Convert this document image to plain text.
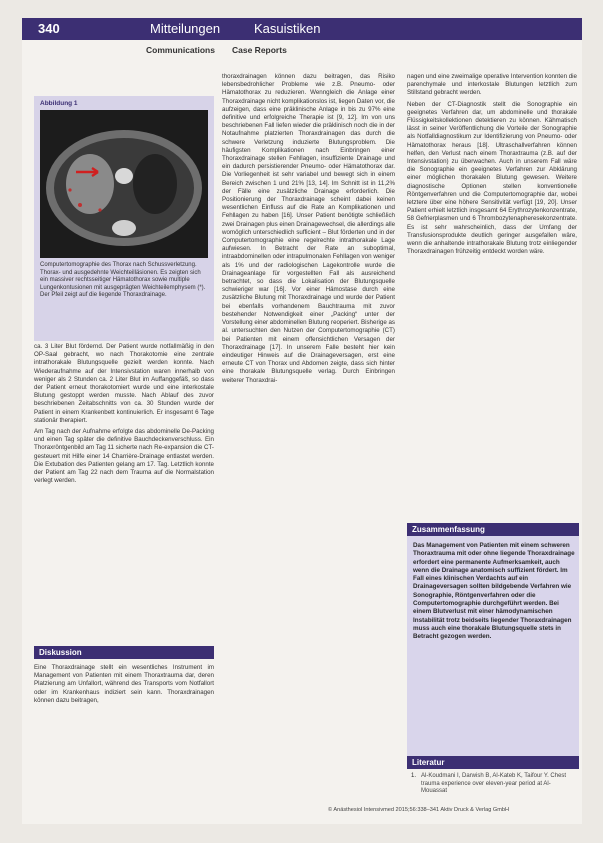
340	Mitteilungen	Kasuistiken
Communications Case Reports
Abbildung 1
Computertomographie des Thorax nach Schussverletzung. Thorax- und ausgedehnte Weichteilläsionen. Es zeigten sich ein massiver rechtsseitiger Hämatothorax sowie multiple Lungenkontusionen mit ausgeprägten Weichteilemphysem (*). Der Pfeil zeigt auf die liegende Thoraxdrainage.

ca. 3 Liter Blut fördernd. Der Patient wurde notfallmäßig in den OP-Saal gebracht, wo nach Thorakotomie eine zentrale intrathorakale Blutungsquelle gezielt werden konnte. Nach Wiederaufnahme auf der Intensivstation waren innerhalb von weniger als 2 Stunden ca. 2 Liter Blut im Auffanggefäß, so dass der Patient erneut thorakotomiert wurde und eine interkostale Blutung gestoppt werden musste. Nach Ablauf des zuvor beschriebenen Zeitabschnitts von ca. 30 Stunden wurde der Patient in einem Krankenbett kontinuierlich. Er insgesamt 6 Tage stationär therapiert.

Am Tag nach der Aufnahme erfolgte das abdominelle De-Packing und einen Tag später die definitive Bauchdeckenverschluss. Ein Thoraxröntgenbild am Tag 11 sicherte nach Re-expansion die CT-gesteuert mit Hilfe einer 14 Charrière-Drainage entlastet werden. Die Extubation des Patienten gelang am 17. Tag. Letztlich konnte der Patient am Tag 22 nach dem Trauma auf die Normalstation verlegt werden.

Diskussion

Eine Thoraxdrainage stellt ein wesentliches Instrument im Management von Patienten mit einem Thoraxtrauma dar, deren Platzierung am Unfallort, während des Transports vom Notfallort oder im Krankenhaus indiziert sein kann. Thoraxdrainagen können dazu beitragen,

thoraxdrainagen können dazu beitragen, das Risiko lebensbedrohlicher Probleme wie z.B. Pneumo- oder Hämatothorax zu reduzieren. Wenngleich die Anlage einer Thoraxdrainage nicht komplikationslos ist, liegen Daten vor, die aufzeigen, dass eine präklinische Anlage in bis zu 97% eine definitive und erfolgreiche Therapie ist [9, 12]. Im von uns beschriebenen Fall liefen wieder die präklinisch noch die in der Notaufnahme platzierten Thoraxdrainagen das durch die schwere Verletzung induzierte Blutungsproblem. Die häufigsten Komplikationen nach Einbringen einer Thoraxdrainage stellen Fehllagen, insuffiziente Drainage und ein dadurch persistierender Pneumo- oder Hämatothorax dar. Die Vorliegenheit ist sehr variabel und bewegt sich in einem Bereich zwischen 1 und 21% [13, 14]. Im Schnitt ist in 11,2% der Fälle eine zusätzliche Drainage erforderlich. Die Positionierung der Thoraxdrainage scheint dabei keinen wesentlichen Einfluss auf die Rate an Komplikationen und Fehllagen zu haben [16]. Unser Patient benötigte schließlich zwei Drainagen plus einen Drainagewechsel, die allerdings alle womöglich unterschiedlich sufficient – Blut förderten und in der Computertomographie eine regelrechte intrathorakale Lage aufwiesen. In Betracht der Rate an suboptimal, intraabdominellen oder intrapulmonalen Fehllagen von weniger als 1% und der radiologischen Lagekontrolle wurde die Drainageanlage für vorgestellten Fall als ausreichend betrachtet, so dass die Lokalisation der Blutungsquelle schwieriger war [16]. Vor einer Hämostase durch eine zusätzliche Blutung mit Thoraxdrainage und wurde der Patient bei ebenfalls vorhandenem Bauchtrauma mit zuvor bestehender Notwendigkeit einer „Packing“ unter der Vorstellung einer abdominellen Blutung reoperiert. Bisherige as al. untersuchten den Nutzen der Computertomographie (CT) bei Patienten mit einem offensichtlichen Versagen der Thoraxdrainage [17]. In unserem Falle besteht hier kein eindeutiger Hinweis auf die Drainageversagen, erst eine erneute CT von Thorax und Abdomen zeigte, dass sich hinter eine thorakale Blutungsquelle verlag. Durch Einbringen weiterer Thoraxdrai-

nagen und eine zweimalige operative Intervention konnten die parenchymale und interkostale Blutungen letztlich zum Stillstand gebracht werden.

Neben der CT-Diagnostik stellt die Sonographie ein geeignetes Verfahren dar, um abdominelle und thorakale Flüssigkeitskollektionen detektieren zu können. Kähmatisch lässt in seiner Veröffentlichung die Vorteile der Sonographie als Notfalldiagnostikum zur Identifizierung von Pneumo- oder Hämatothorax heraus [18]. Ultraschallverfahren können helfen, den Verlust nach einem Thoraxtrauma (z.B. auf der Intensivstation) zu überwachen. Auch in unserem Fall wäre die Sonographie ein geeignetes Verfahren zur Abklärung einer möglichen thorakalen Blutung gewesen. Weitere diagnostische Optionen stellen konventionelle Röntgenverfahren und die Computertomographie dar, wobei letztere über eine höhere Sensitivität verfügt [19, 20]. Unser Patient erhielt letztlich insgesamt 64 Erythrozytenkonzentrate, 58 Gefrierplasmen und 6 Thrombozytenapheresekonzentrate. Es ist sehr wahrscheinlich, dass der Umfang der Transfusionsprodukte deutlich geringer ausgefallen wäre, wenn die anhaltende intrathorakale Blutung trotz einliegender Thoraxdrainagen frühzeitig entdeckt worden wäre.

Zusammenfassung
Das Management von Patienten mit einem schweren Thoraxtrauma mit oder ohne liegende Thoraxdrainage erfordert eine permanente Aufmerksamkeit, auch wenn die Drainage anatomisch suffizient fördert. Im Fall eines klinischen Verdachts auf ein Drainageversagen sollten bildgebende Verfahren wie Sonographie, Röntgenverfahren oder die Computertomographie durchgeführt werden. Bei einem Blutverlust mit einer hämodynamischen Instabilität trotz beidseits liegender Thoraxdrainagen muss auch eine thorakale Blutungsquelle stets in Betracht gezogen werden.
Literatur
1. Al-Koudmani I, Darwish B, Al-Kateb K, Taifour Y. Chest trauma experience over eleven-year period at Al-Mouassat
© Anästhesiol Intensivmed 2015;56:338–341 Aktiv Druck & Verlag GmbH
